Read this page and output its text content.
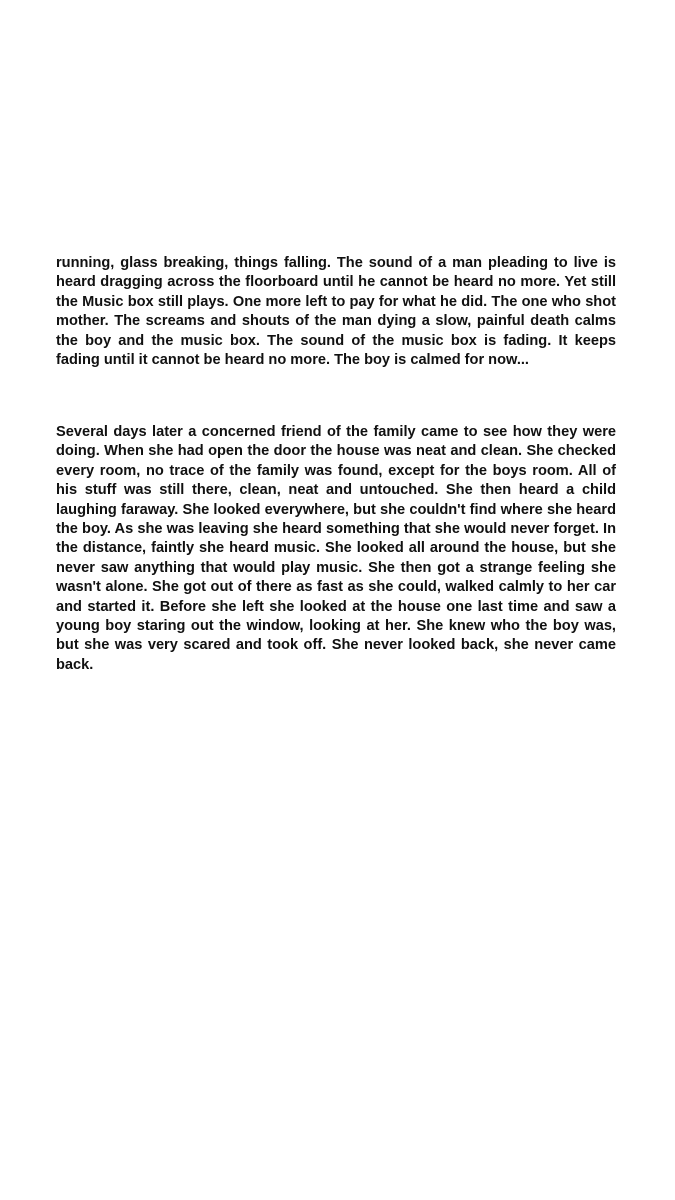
running, glass breaking, things falling. The sound of a man pleading to live is heard dragging across the floorboard until he cannot be heard no more. Yet still the Music box still plays. One more left to pay for what he did. The one who shot mother. The screams and shouts of the man dying a slow, painful death calms the boy and the music box. The sound of the music box is fading. It keeps fading until it cannot be heard no more. The boy is calmed for now...

Several days later a concerned friend of the family came to see how they were doing. When she had open the door the house was neat and clean. She checked every room, no trace of the family was found, except for the boys room. All of his stuff was still there, clean, neat and untouched. She then heard a child laughing faraway. She looked everywhere, but she couldn't find where she heard the boy. As she was leaving she heard something that she would never forget. In the distance, faintly she heard music. She looked all around the house, but she never saw anything that would play music. She then got a strange feeling she wasn't alone. She got out of there as fast as she could, walked calmly to her car and started it. Before she left she looked at the house one last time and saw a young boy staring out the window, looking at her. She knew who the boy was, but she was very scared and took off. She never looked back, she never came back.
